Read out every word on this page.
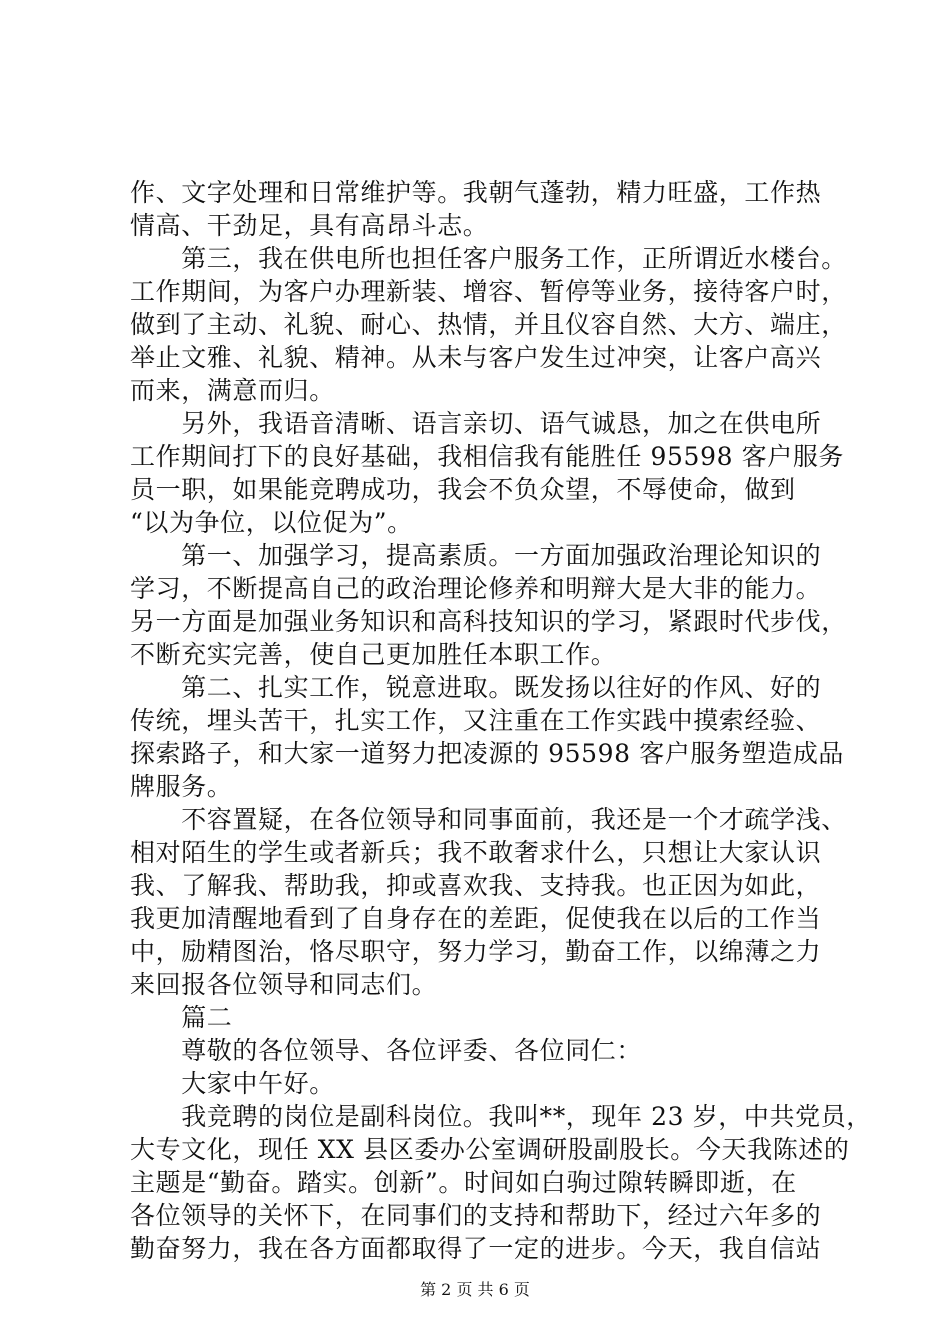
作、文字处理和日常维护等。我朝气蓬勃，精力旺盛，工作热
情高、干劲足，具有高昂斗志。
　　第三，我在供电所也担任客户服务工作，正所谓近水楼台。
工作期间，为客户办理新装、增容、暂停等业务，接待客户时，
做到了主动、礼貌、耐心、热情，并且仪容自然、大方、端庄，
举止文雅、礼貌、精神。从未与客户发生过冲突，让客户高兴
而来，满意而归。
　　另外，我语音清晰、语言亲切、语气诚恳，加之在供电所
工作期间打下的良好基础，我相信我有能胜任 95598 客户服务
员一职，如果能竞聘成功，我会不负众望，不辱使命，做到
“以为争位，以位促为”。
　　第一、加强学习，提高素质。一方面加强政治理论知识的
学习，不断提高自己的政治理论修养和明辩大是大非的能力。
另一方面是加强业务知识和高科技知识的学习，紧跟时代步伐，
不断充实完善，使自己更加胜任本职工作。
　　第二、扎实工作，锐意进取。既发扬以往好的作风、好的
传统，埋头苦干，扎实工作，又注重在工作实践中摸索经验、
探索路子，和大家一道努力把凌源的 95598 客户服务塑造成品
牌服务。
　　不容置疑，在各位领导和同事面前，我还是一个才疏学浅、
相对陌生的学生或者新兵；我不敢奢求什么，只想让大家认识
我、了解我、帮助我，抑或喜欢我、支持我。也正因为如此，
我更加清醒地看到了自身存在的差距，促使我在以后的工作当
中，励精图治，恪尽职守，努力学习，勤奋工作，以绵薄之力
来回报各位领导和同志们。
　　篇二
　　尊敬的各位领导、各位评委、各位同仁：
　　大家中午好。
　　我竞聘的岗位是副科岗位。我叫**，现年 23 岁，中共党员，
大专文化，现任 XX 县区委办公室调研股副股长。今天我陈述的
主题是“勤奋。踏实。创新”。时间如白驹过隙转瞬即逝，在
各位领导的关怀下，在同事们的支持和帮助下，经过六年多的
勤奋努力，我在各方面都取得了一定的进步。今天，我自信站
第 2 页 共 6 页
